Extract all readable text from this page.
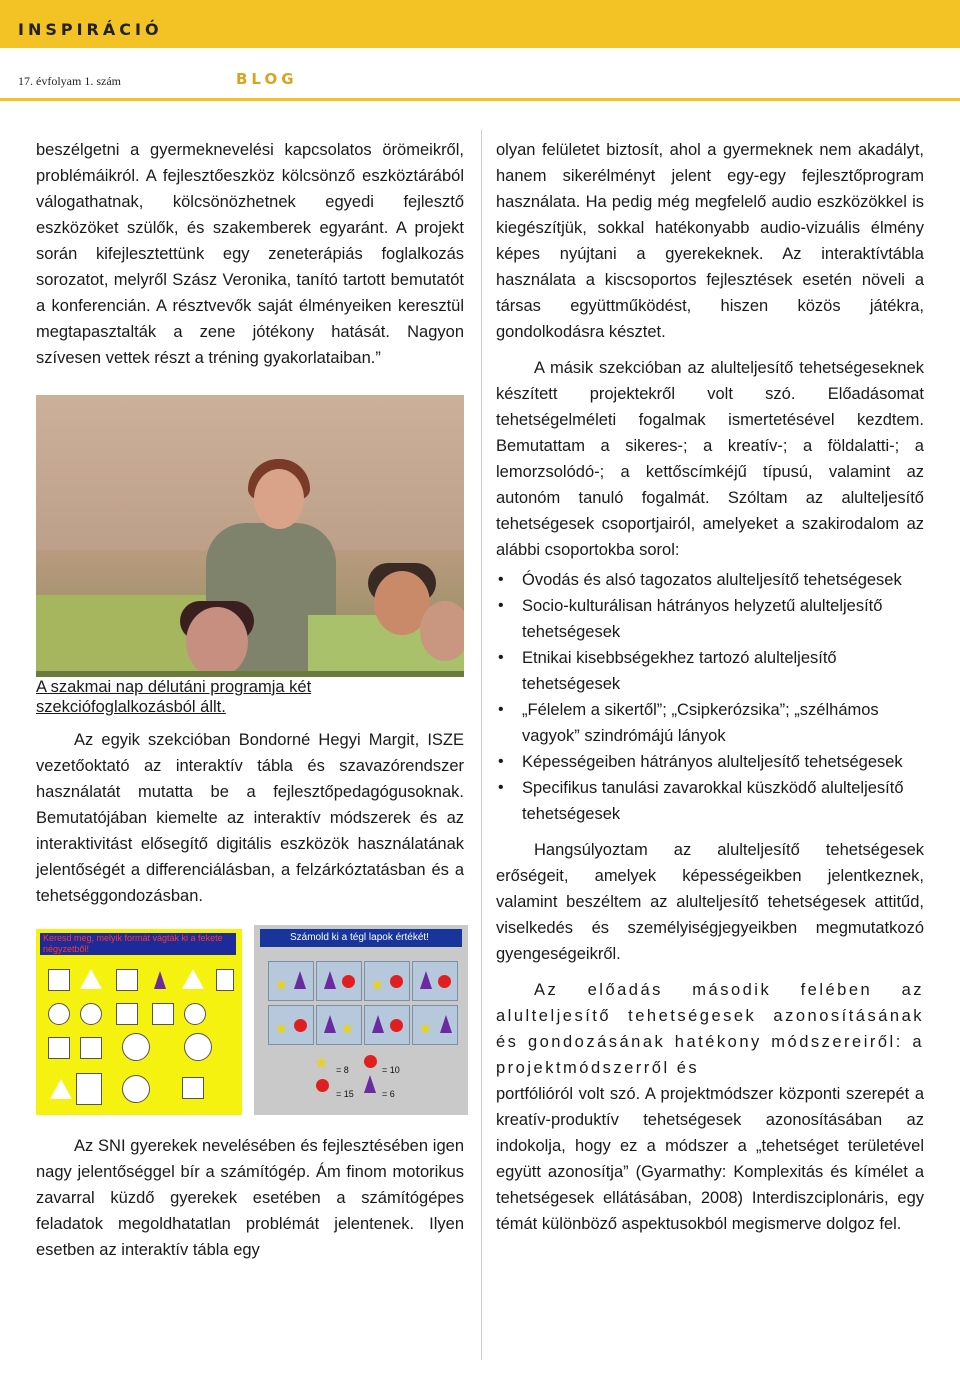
INSPIRÁCIÓ
17. évfolyam 1. szám	BLOG

beszélgetni a gyermeknevelési kapcsolatos örömeikről, problémáikról. A fejlesztőeszköz kölcsönző eszköztárából válogathatnak, kölcsönözhetnek egyedi fejlesztő eszközöket szülők, és szakemberek egyaránt. A projekt során kifejlesztettünk egy zeneterápiás foglalkozás sorozatot, melyről Szász Veronika, tanító tartott bemutatót a konferencián. A résztvevők saját élményeiken keresztül megtapasztalták a zene jótékony hatását. Nagyon szívesen vettek részt a tréning gyakorlataiban.”

A szakmai nap délutáni programja két szekciófoglalkozásból állt.

Az egyik szekcióban Bondorné Hegyi Margit, ISZE vezetőoktató az interaktív tábla és szavazórendszer használatát mutatta be a fejlesztőpedagógusoknak. Bemutatójában kiemelte az interaktív módszerek és az interaktivitást elősegítő digitális eszközök használatának jelentőségét a differenciálásban, a felzárkóztatásban és a tehetséggondozásban.

Keresd meg, melyik formát vágták ki a fekete négyzetből!
Számold ki a tégl lapok értékét!
★	★
★	★	★
★ = 8	= 10
= 15	= 6

Az SNI gyerekek nevelésében és fejlesztésében igen nagy jelentőséggel bír a számítógép. Ám finom motorikus zavarral küzdő gyerekek esetében a számítógépes feladatok megoldhatatlan problémát jelentenek. Ilyen esetben az interaktív tábla egy

olyan felületet biztosít, ahol a gyermeknek nem akadályt, hanem sikerélményt jelent egy-egy fejlesztőprogram használata. Ha pedig még megfelelő audio eszközökkel is kiegészítjük, sokkal hatékonyabb audio-vizuális élmény képes nyújtani a gyerekeknek. Az interaktívtábla használata a kiscsoportos fejlesztések esetén növeli a társas együttműködést, hiszen közös játékra, gondolkodásra késztet.

A másik szekcióban az alulteljesítő tehetségeseknek készített projektekről volt szó. Előadásomat tehetségelméleti fogalmak ismertetésével kezdtem. Bemutattam a sikeres-; a kreatív-; a földalatti-; a lemorzsolódó-; a kettőscímkéjű típusú, valamint az autonóm tanuló fogalmát. Szóltam az alulteljesítő tehetségesek csoportjairól, amelyeket a szakirodalom az alábbi csoportokba sorol:

• Óvodás és alsó tagozatos alulteljesítő tehetségesek
• Socio-kulturálisan hátrányos helyzetű alulteljesítő tehetségesek
• Etnikai kisebbségekhez tartozó alulteljesítő tehetségesek
• „Félelem a sikertől”; „Csipkerózsika”; „szélhámos vagyok” szindrómájú lányok
• Képességeiben hátrányos alulteljesítő tehetségesek
• Specifikus tanulási zavarokkal küszködő alulteljesítő tehetségesek

Hangsúlyoztam az alulteljesítő tehetségesek erőségeit, amelyek képességeikben jelentkeznek, valamint beszéltem az alulteljesítő tehetségesek attitűd, viselkedés és személyiségjegyeikben megmutatkozó gyengeségeikről.

Az előadás második felében az alulteljesítő tehetségesek azonosításának és gondozásának hatékony módszereiről: a projektmódszerről és

portfólióról volt szó. A projektmódszer központi szerepét a kreatív-produktív tehetségesek azonosításában az indokolja, hogy ez a módszer a „tehetséget területével együtt azonosítja” (Gyarmathy: Komplexitás és kímélet a tehetségesek ellátásában, 2008) Interdiszciplonáris, egy témát különböző aspektusokból megismerve dolgoz fel.
